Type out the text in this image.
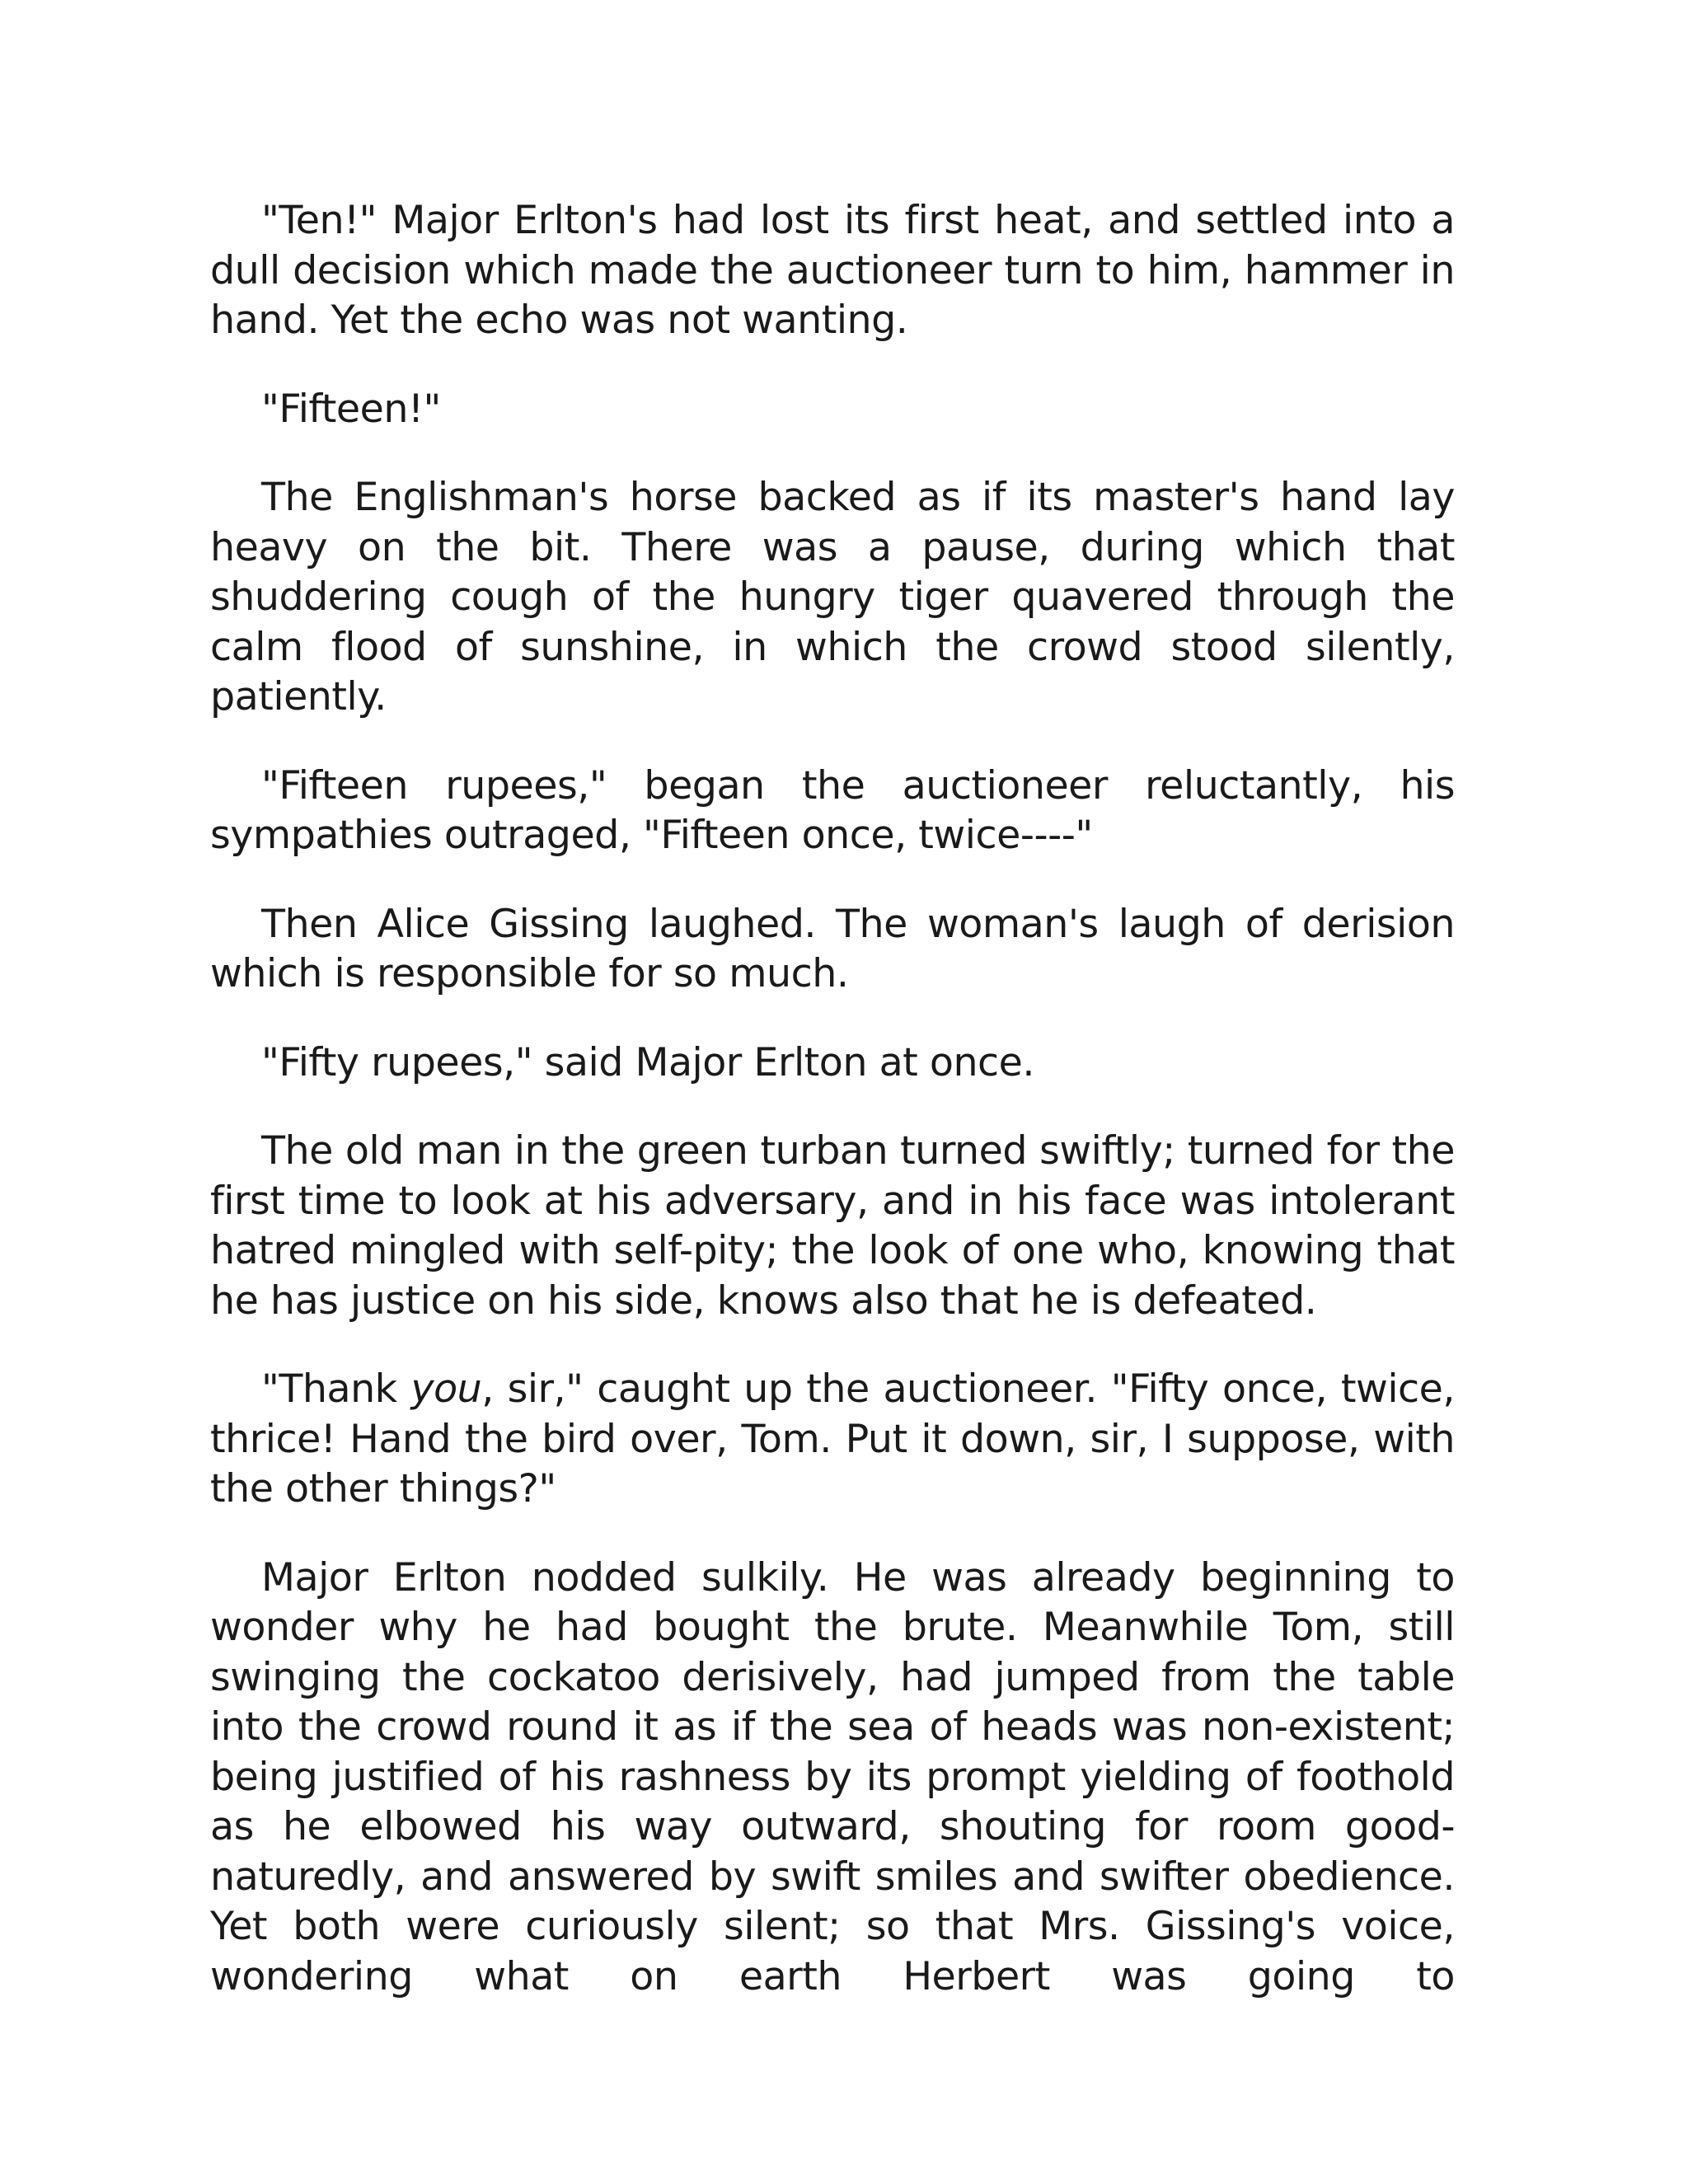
"Ten!" Major Erlton's had lost its first heat, and settled into a dull decision which made the auctioneer turn to him, hammer in hand. Yet the echo was not wanting.

"Fifteen!"

The Englishman's horse backed as if its master's hand lay heavy on the bit. There was a pause, during which that shuddering cough of the hungry tiger quavered through the calm flood of sunshine, in which the crowd stood silently, patiently.

"Fifteen rupees," began the auctioneer reluctantly, his sympathies outraged, "Fifteen once, twice----"

Then Alice Gissing laughed. The woman's laugh of derision which is responsible for so much.

"Fifty rupees," said Major Erlton at once.

The old man in the green turban turned swiftly; turned for the first time to look at his adversary, and in his face was intolerant hatred mingled with self-pity; the look of one who, knowing that he has justice on his side, knows also that he is defeated.

"Thank you, sir," caught up the auctioneer. "Fifty once, twice, thrice! Hand the bird over, Tom. Put it down, sir, I suppose, with the other things?"

Major Erlton nodded sulkily. He was already beginning to wonder why he had bought the brute. Meanwhile Tom, still swinging the cockatoo derisively, had jumped from the table into the crowd round it as if the sea of heads was non-existent; being justified of his rashness by its prompt yielding of foothold as he elbowed his way outward, shouting for room good-naturedly, and answered by swift smiles and swifter obedience. Yet both were curiously silent; so that Mrs. Gissing's voice, wondering what on earth Herbert was going to
